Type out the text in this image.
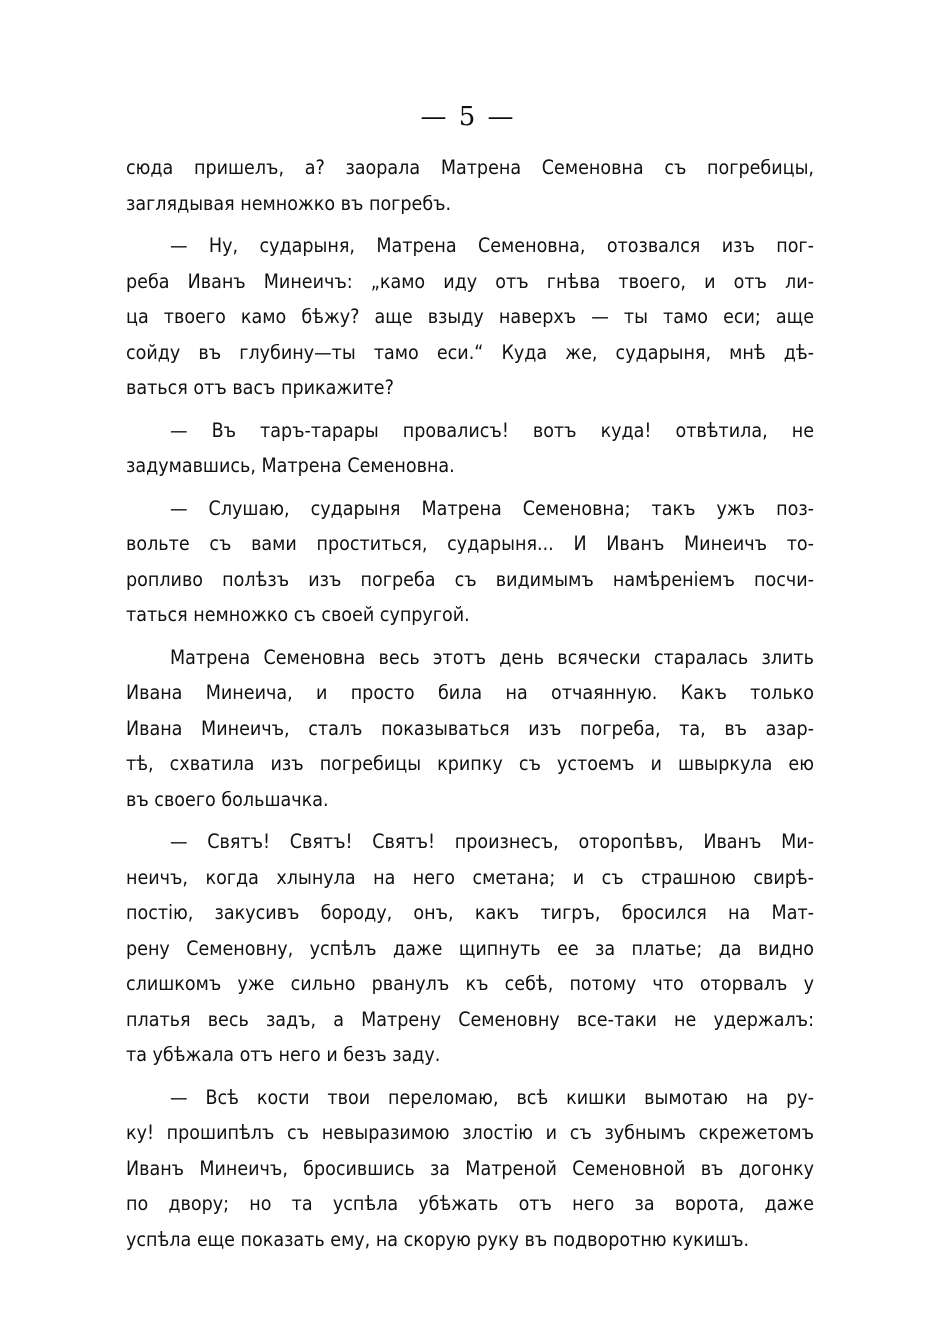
— 5 —
сюда пришелъ, а? заорала Матрена Семеновна съ погребицы,
заглядывая немножко въ погребъ.
— Ну, сударыня, Матрена Семеновна, отозвался изъ пог-
реба Иванъ Минеичъ: „камо иду отъ гнѣва твоего, и отъ ли-
ца твоего камо бѣжу? аще взыду наверхъ — ты тамо еси; аще
сойду въ глубину—ты тамо еси.“ Куда же, сударыня, мнѣ дѣ-
ваться отъ васъ прикажите?
— Въ таръ-тарары провалисъ! вотъ куда! отвѣтила, не
задумавшись, Матрена Семеновна.
— Слушаю, сударыня Матрена Семеновна; такъ ужъ поз-
вольте съ вами проститься, сударыня... И Иванъ Минеичъ то-
ропливо полѣзъ изъ погреба съ видимымъ намѣреніемъ посчи-
таться немножко съ своей супругой.
Матрена Семеновна весь этотъ день всячески старалась злить
Ивана Минеича, и просто била на отчаянную. Какъ только
Ивана Минеичъ, сталъ показываться изъ погреба, та, въ азар-
тѣ, схватила изъ погребицы крипку съ устоемъ и швыркула ею
въ своего большачка.
— Святъ! Святъ! Святъ! произнесъ, оторопѣвъ, Иванъ Ми-
неичъ, когда хлынула на него сметана; и съ страшною свирѣ-
постію, закусивъ бороду, онъ, какъ тигръ, бросился на Мат-
рену Семеновну, успѣлъ даже щипнуть ее за платье; да видно
слишкомъ уже сильно рванулъ къ себѣ, потому что оторвалъ у
платья весь задъ, а Матрену Семеновну все-таки не удержалъ:
та убѣжала отъ него и безъ заду.
— Всѣ кости твои переломаю, всѣ кишки вымотаю на ру-
ку! прошипѣлъ съ невыразимою злостію и съ зубнымъ скрежетомъ
Иванъ Минеичъ, бросившись за Матреной Семеновной въ догонку
по двору; но та успѣла убѣжать отъ него за ворота, даже
успѣла еще показать ему, на скорую руку въ подворотню кукишъ.
